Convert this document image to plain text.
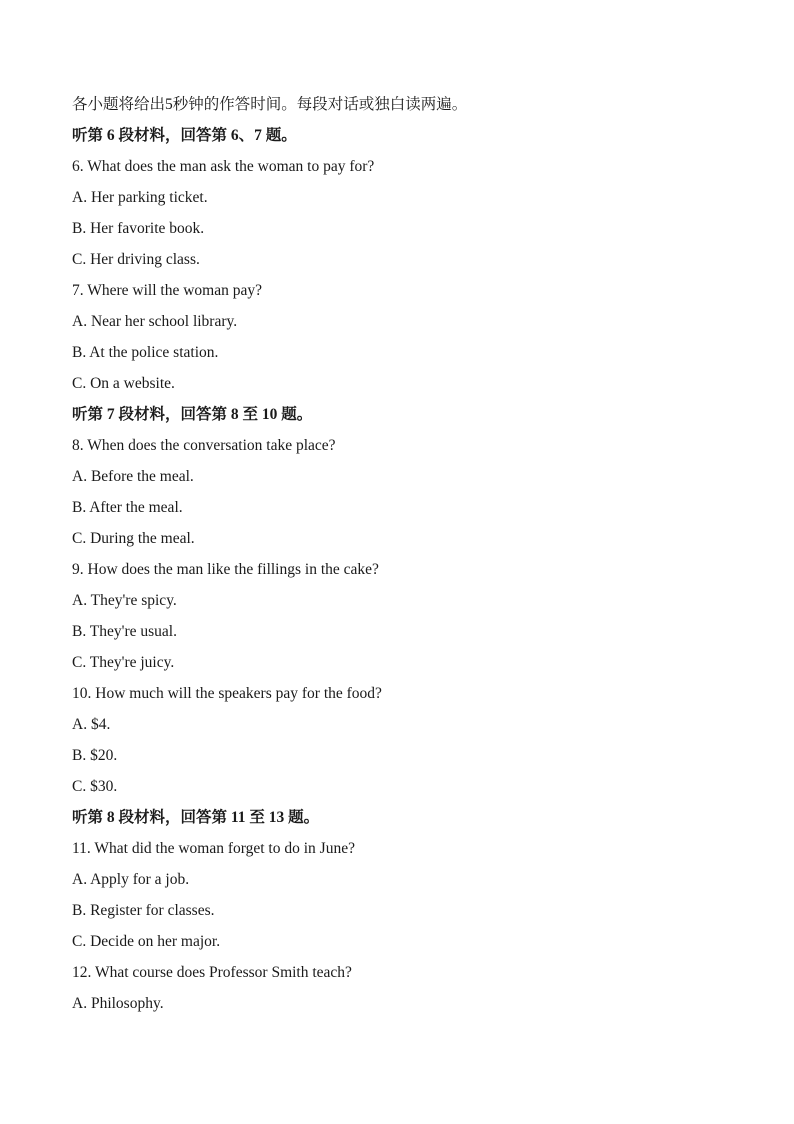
各小题将给出5秒钟的作答时间。每段对话或独白读两遍。
听第 6 段材料，回答第 6、7 题。
6. What does the man ask the woman to pay for?
A. Her parking ticket.
B. Her favorite book.
C. Her driving class.
7. Where will the woman pay?
A. Near her school library.
B. At the police station.
C. On a website.
听第 7 段材料，回答第 8 至 10 题。
8. When does the conversation take place?
A. Before the meal.
B. After the meal.
C. During the meal.
9. How does the man like the fillings in the cake?
A. They're spicy.
B. They're usual.
C. They're juicy.
10. How much will the speakers pay for the food?
A. $4.
B. $20.
C. $30.
听第 8 段材料，回答第 11 至 13 题。
11. What did the woman forget to do in June?
A. Apply for a job.
B. Register for classes.
C. Decide on her major.
12. What course does Professor Smith teach?
A. Philosophy.
